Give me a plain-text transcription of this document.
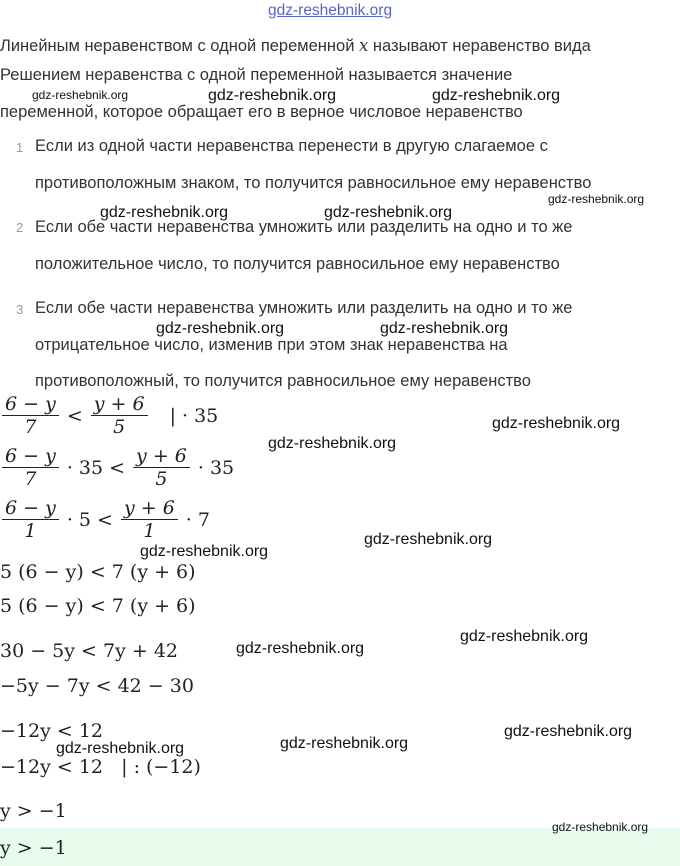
gdz-reshebnik.org
Линейным неравенством с одной переменной x называют неравенство вида
Решением неравенства с одной переменной называется значение
переменной, которое обращает его в верное числовое неравенство
1 Если из одной части неравенства перенести в другую слагаемое с
противоположным знаком, то получится равносильное ему неравенство
2 Если обе части неравенства умножить или разделить на одно и то же
положительное число, то получится равносильное ему неравенство
3 Если обе части неравенства умножить или разделить на одно и то же
отрицательное число, изменив при этом знак неравенства на
противоположный, то получится равносильное ему неравенство
$\frac{6 - y}{7} < \frac{y + 6}{5}$ | · 35
$\frac{6 - y}{7} \cdot 35 < \frac{y + 6}{5} \cdot 35$
$\frac{6 - y}{1} \cdot 5 < \frac{y + 6}{1} \cdot 7$
5 (6 − y) < 7 (y + 6)
5 (6 − y) < 7 (y + 6)
30 − 5y < 7y + 42
−5y − 7y < 42 − 30
−12y < 12
−12y < 12   | : (−12)
y > −1
y > −1
gdz-reshebnik.org	gdz-reshebnik.org	gdz-reshebnik.org
gdz-reshebnik.org
gdz-reshebnik.org	gdz-reshebnik.org
gdz-reshebnik.org	gdz-reshebnik.org
gdz-reshebnik.org
gdz-reshebnik.org
gdz-reshebnik.org
gdz-reshebnik.org
gdz-reshebnik.org
gdz-reshebnik.org
gdz-reshebnik.org
gdz-reshebnik.org
gdz-reshebnik.org
gdz-reshebnik.org
